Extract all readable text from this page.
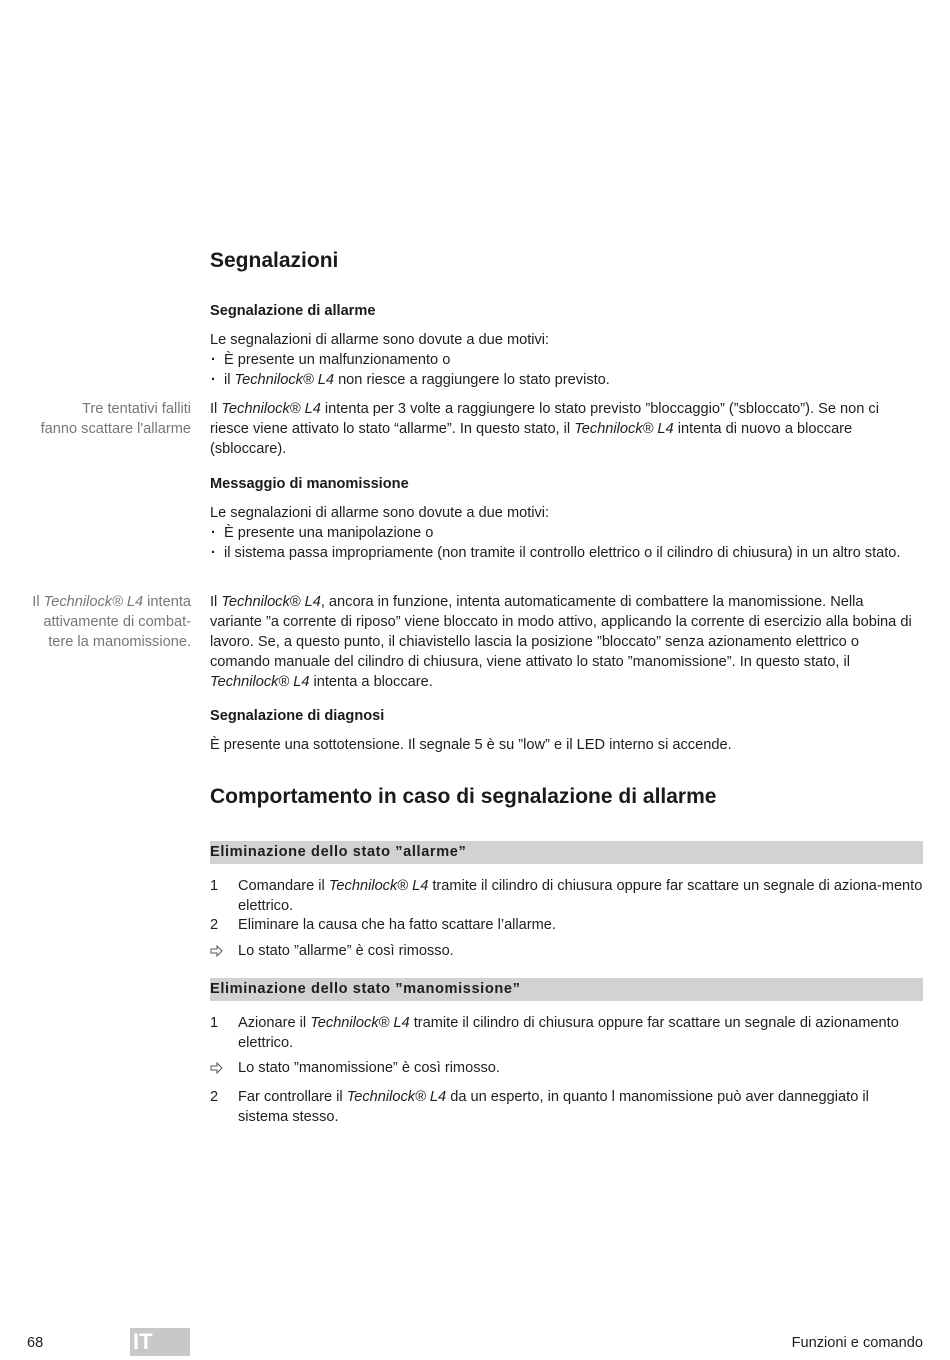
Segnalazioni
Segnalazione di allarme

Le segnalazioni di allarme sono dovute a due motivi:

· È presente un malfunzionamento o
· il Technilock® L4 non riesce a raggiungere lo stato previsto.
Tre tentativi falliti
fanno scattare l'allarme

Il Technilock® L4 intenta per 3 volte a raggiungere lo stato previsto ”bloccaggio” (”sbloccato”). Se non ci riesce viene attivato lo stato “allarme”. In questo stato, il Technilock® L4 intenta di nuovo a bloccare (sbloccare).

Messaggio di manomissione

Le segnalazioni di allarme sono dovute a due motivi:

· È presente una manipolazione o
· il sistema passa impropriamente (non tramite il controllo elettrico o il cilindro di chiusura) in un altro stato.
Il Technilock® L4 intenta
attivamente di combat-
tere la manomissione.

Il Technilock® L4, ancora in funzione, intenta automaticamente di combattere la manomissione. Nella variante ”a corrente di riposo” viene bloccato in modo attivo, applicando la corrente di esercizio alla bobina di lavoro. Se, a questo punto, il chiavistello lascia la posizione ”bloccato” senza azionamento elettrico o comando manuale del cilindro di chiusura, viene attivato lo stato ”manomissione”. In questo stato, il Technilock® L4 intenta a bloccare.

Segnalazione di diagnosi

È presente una sottotensione. Il segnale 5 è su ”low” e il LED interno si accende.

Comportamento in caso di segnalazione di allarme
Eliminazione dello stato ”allarme”
1	Comandare il Technilock® L4 tramite il cilindro di chiusura oppure far scattare un segnale di aziona-mento elettrico.
2	Eliminare la causa che ha fatto scattare l’allarme.
Lo stato ”allarme” è così rimosso.
Eliminazione dello stato ”manomissione”
1	Azionare il Technilock® L4 tramite il cilindro di chiusura oppure far scattare un segnale di azionamento elettrico.
Lo stato ”manomissione” è così rimosso.
2	Far controllare il Technilock® L4 da un esperto, in quanto l manomissione può aver danneggiato il sistema stesso.
68	IT	Funzioni e comando
